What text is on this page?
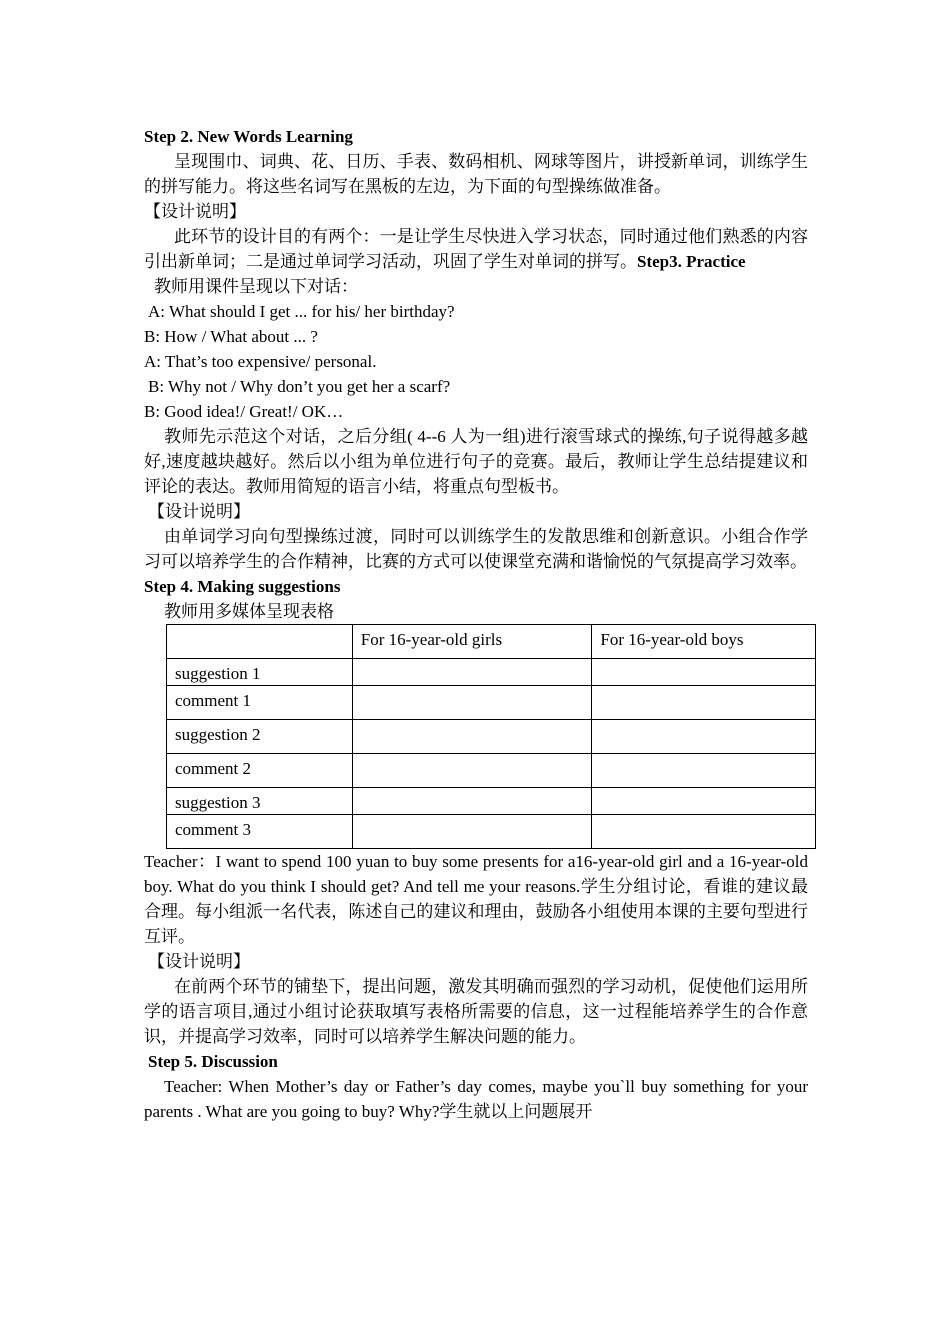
Step 2. New Words Learning

呈现围巾、词典、花、日历、手表、数码相机、网球等图片，讲授新单词，训练学生的拼写能力。将这些名词写在黑板的左边，为下面的句型操练做准备。

【设计说明】

此环节的设计目的有两个：一是让学生尽快进入学习状态，同时通过他们熟悉的内容引出新单词；二是通过单词学习活动，巩固了学生对单词的拼写。Step3. Practice

教师用课件呈现以下对话：

A: What should I get ... for his/ her birthday?

B: How / What about ... ?

A: That’s too expensive/ personal.

B: Why not / Why don’t you get her a scarf?

B: Good idea!/ Great!/ OK…

教师先示范这个对话，之后分组( 4--6 人为一组)进行滚雪球式的操练,句子说得越多越好,速度越块越好。然后以小组为单位进行句子的竞赛。最后，教师让学生总结提建议和评论的表达。教师用简短的语言小结，将重点句型板书。

【设计说明】

由单词学习向句型操练过渡，同时可以训练学生的发散思维和创新意识。小组合作学习可以培养学生的合作精神，比赛的方式可以使课堂充满和谐愉悦的气氛提高学习效率。

Step 4. Making suggestions

教师用多媒体呈现表格

	For 16-year-old girls	For 16-year-old boys
suggestion 1		
comment 1		
suggestion 2		
comment 2		
suggestion 3		
comment 3		

Teacher：I want to spend 100 yuan to buy some presents for a16-year-old girl and a 16-year-old boy. What do you think I should get? And tell me your reasons.学生分组讨论，看谁的建议最合理。每小组派一名代表，陈述自己的建议和理由，鼓励各小组使用本课的主要句型进行互评。

【设计说明】

在前两个环节的铺垫下，提出问题，激发其明确而强烈的学习动机，促使他们运用所学的语言项目,通过小组讨论获取填写表格所需要的信息，这一过程能培养学生的合作意识，并提高学习效率，同时可以培养学生解决问题的能力。

Step 5. Discussion

Teacher: When Mother’s day or Father’s day comes, maybe you`ll buy something for your parents . What are you going to buy? Why?学生就以上问题展开
